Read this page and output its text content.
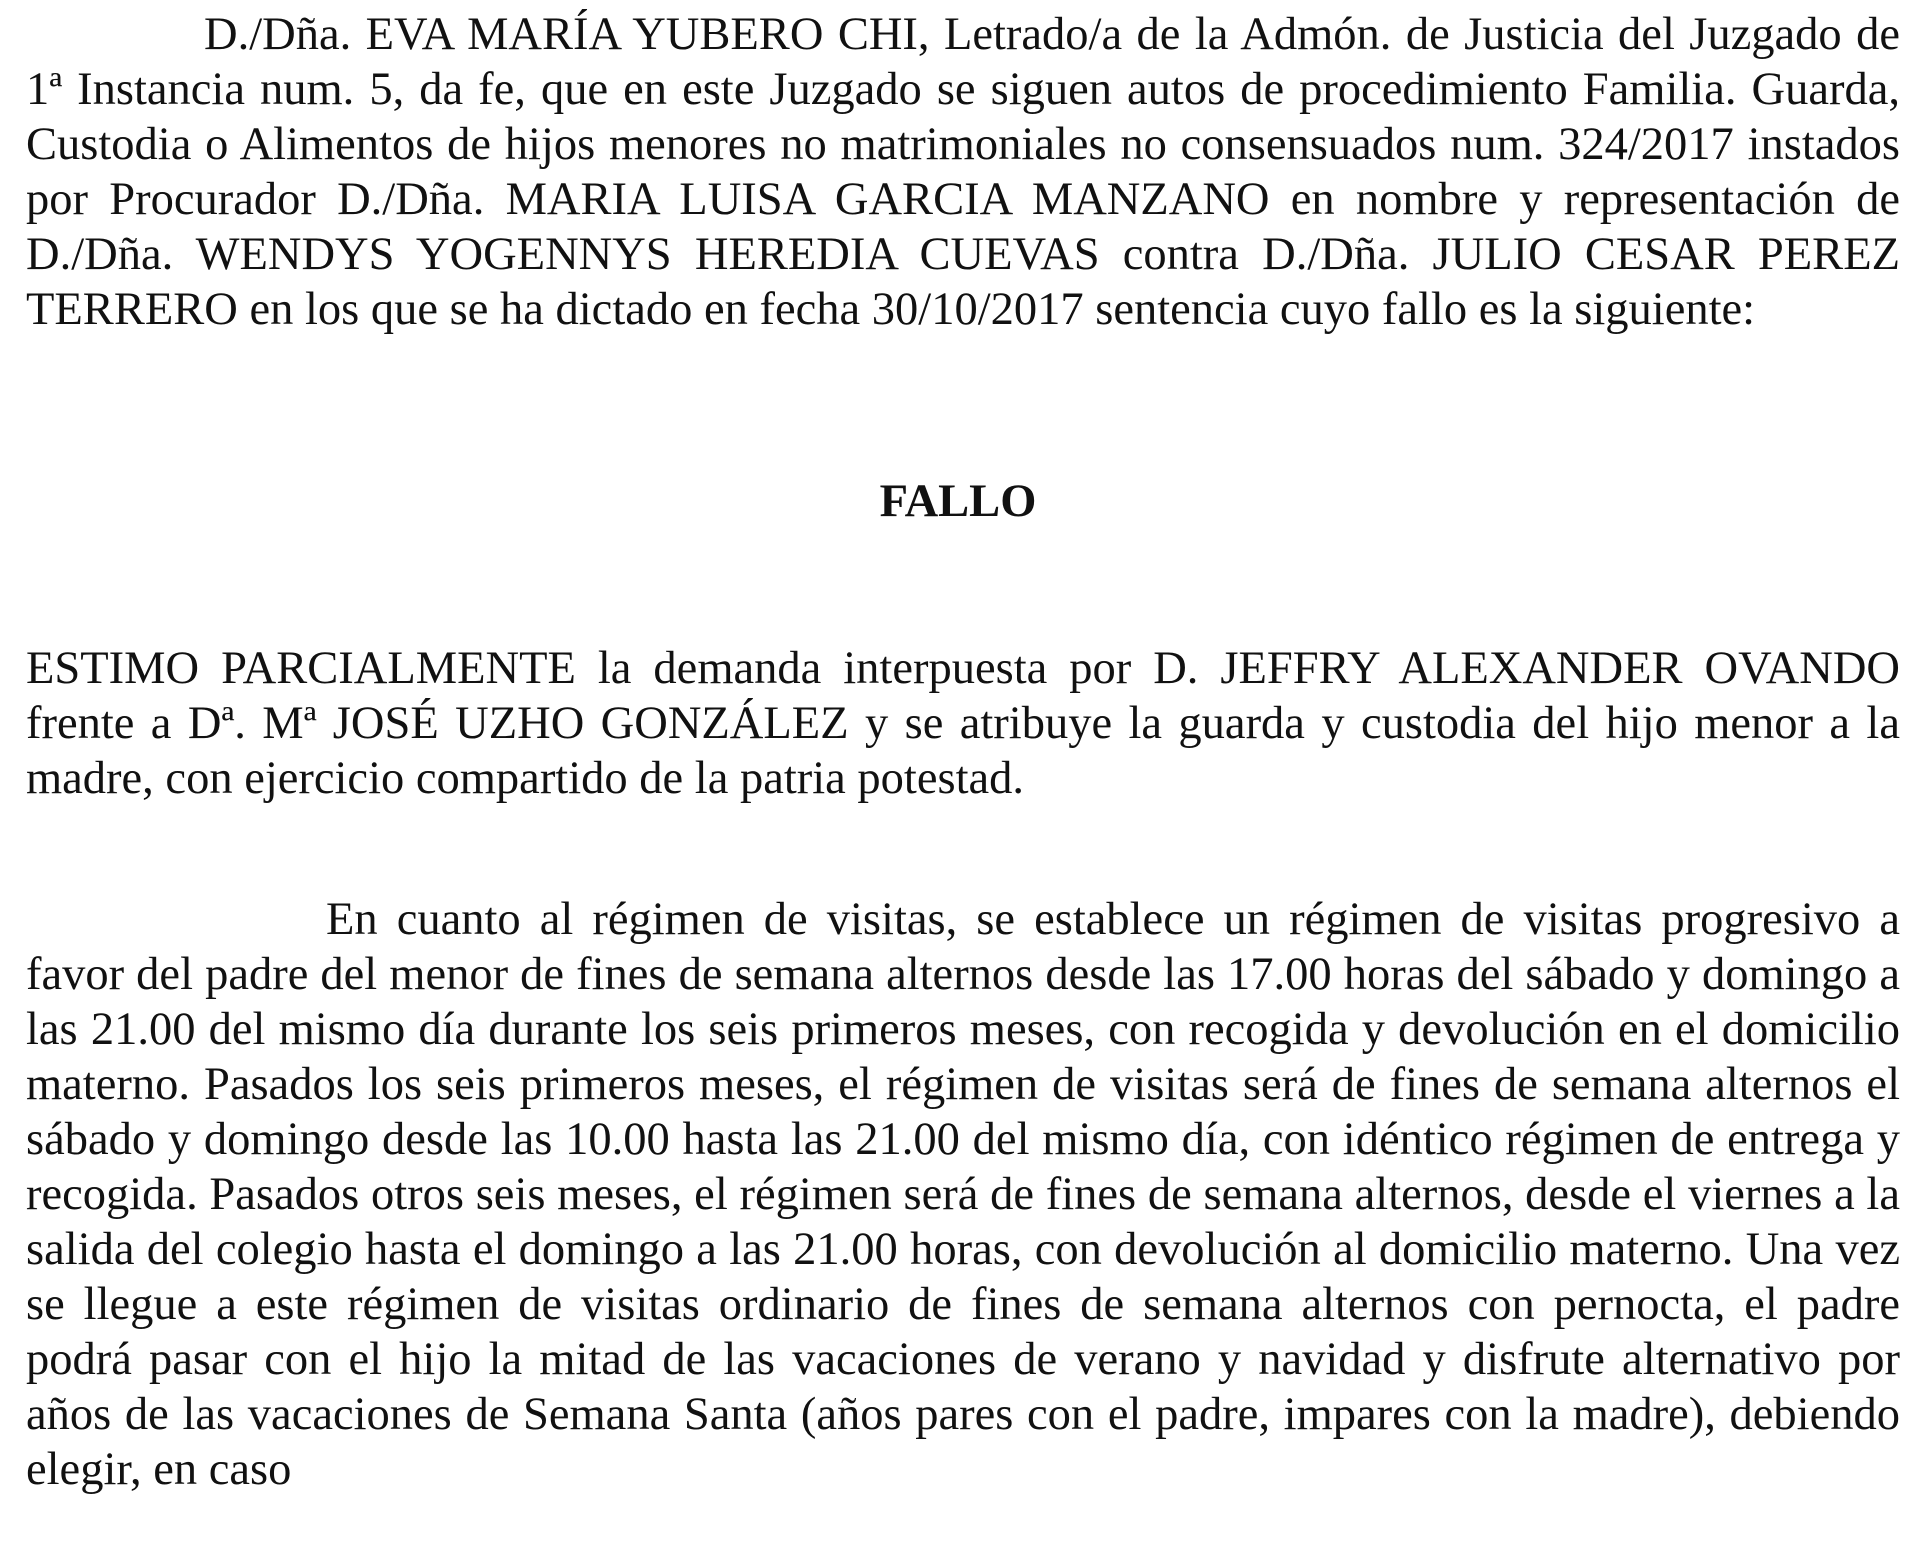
D./Dña. EVA MARÍA YUBERO CHI, Letrado/a de la Admón. de Justicia del Juzgado de 1ª Instancia num. 5, da fe, que en este Juzgado se siguen autos de procedimiento Familia. Guarda, Custodia o Alimentos de hijos menores no matrimoniales no consensuados num. 324/2017 instados por Procurador D./Dña. MARIA LUISA GARCIA MANZANO en nombre y representación de D./Dña. WENDYS YOGENNYS HEREDIA CUEVAS contra D./Dña. JULIO CESAR PEREZ TERRERO en los que se ha dictado en fecha 30/10/2017 sentencia cuyo fallo es la siguiente:

FALLO

ESTIMO PARCIALMENTE la demanda interpuesta por D. JEFFRY ALEXANDER OVANDO frente a Dª. Mª JOSÉ UZHO GONZÁLEZ y se atribuye la guarda y custodia del hijo menor a la madre, con ejercicio compartido de la patria potestad.

En cuanto al régimen de visitas, se establece un régimen de visitas progresivo a favor del padre del menor de fines de semana alternos desde las 17.00 horas del sábado y domingo a las 21.00 del mismo día durante los seis primeros meses, con recogida y devolución en el domicilio materno. Pasados los seis primeros meses, el régimen de visitas será de fines de semana alternos el sábado y domingo desde las 10.00 hasta las 21.00 del mismo día, con idéntico régimen de entrega y recogida. Pasados otros seis meses, el régimen será de fines de semana alternos, desde el viernes a la salida del colegio hasta el domingo a las 21.00 horas, con devolución al domicilio materno. Una vez se llegue a este régimen de visitas ordinario de fines de semana alternos con pernocta, el padre podrá pasar con el hijo la mitad de las vacaciones de verano y navidad y disfrute alternativo por años de las vacaciones de Semana Santa (años pares con el padre, impares con la madre), debiendo elegir, en caso
